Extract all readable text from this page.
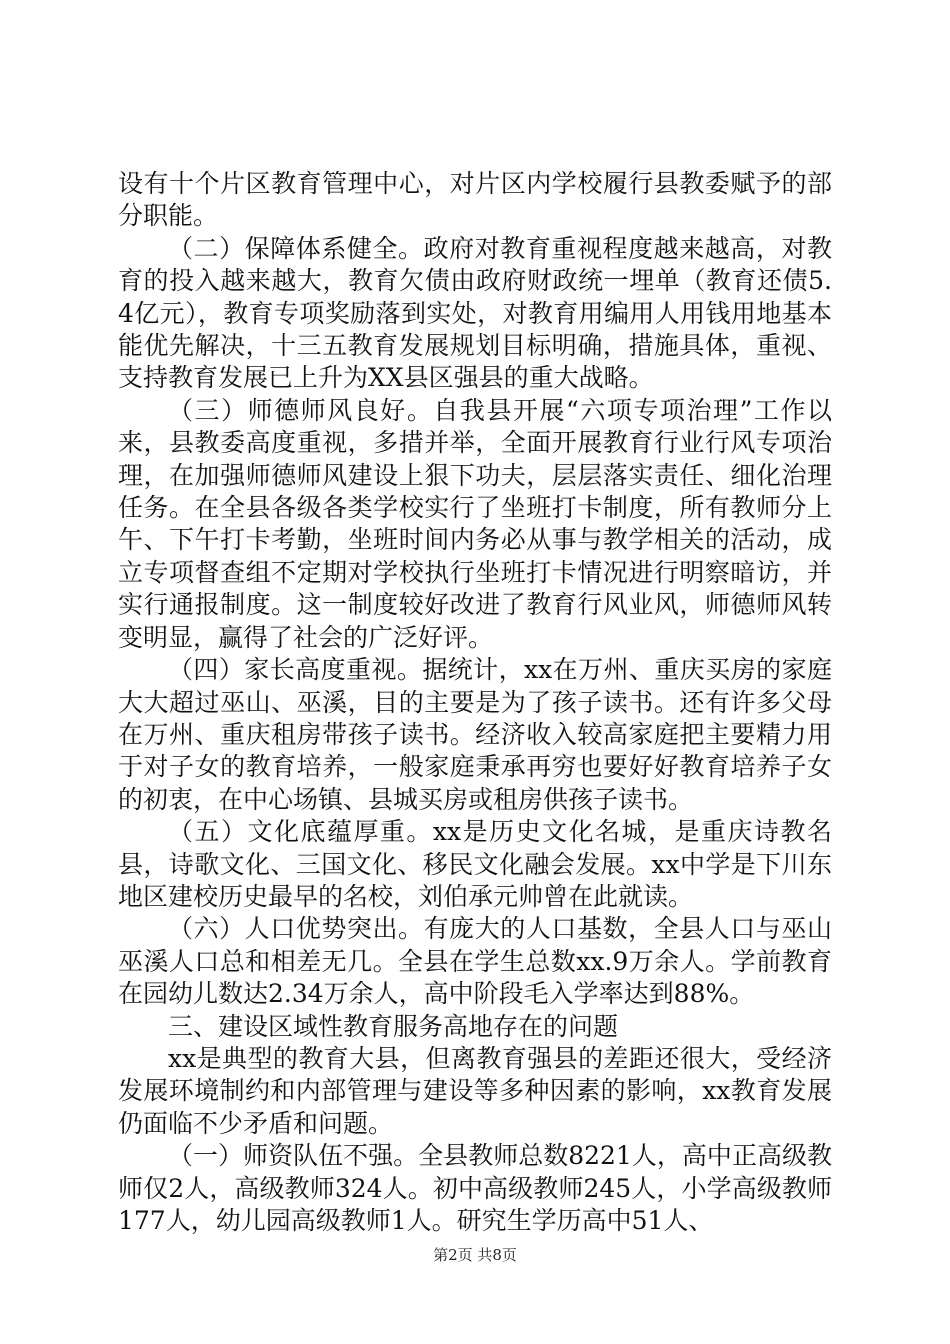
设有十个片区教育管理中心，对片区内学校履行县教委赋予的部分职能。

（二）保障体系健全。政府对教育重视程度越来越高，对教育的投入越来越大，教育欠债由政府财政统一埋单（教育还债5.4亿元），教育专项奖励落到实处，对教育用编用人用钱用地基本能优先解决，十三五教育发展规划目标明确，措施具体，重视、支持教育发展已上升为XX县区强县的重大战略。

（三）师德师风良好。自我县开展“六项专项治理”工作以来，县教委高度重视，多措并举，全面开展教育行业行风专项治理，在加强师德师风建设上狠下功夫，层层落实责任、细化治理任务。在全县各级各类学校实行了坐班打卡制度，所有教师分上午、下午打卡考勤，坐班时间内务必从事与教学相关的活动，成立专项督查组不定期对学校执行坐班打卡情况进行明察暗访，并实行通报制度。这一制度较好改进了教育行风业风，师德师风转变明显，赢得了社会的广泛好评。

（四）家长高度重视。据统计，xx在万州、重庆买房的家庭大大超过巫山、巫溪，目的主要是为了孩子读书。还有许多父母在万州、重庆租房带孩子读书。经济收入较高家庭把主要精力用于对子女的教育培养，一般家庭秉承再穷也要好好教育培养子女的初衷，在中心场镇、县城买房或租房供孩子读书。

（五）文化底蕴厚重。xx是历史文化名城，是重庆诗教名县，诗歌文化、三国文化、移民文化融会发展。xx中学是下川东地区建校历史最早的名校，刘伯承元帅曾在此就读。

（六）人口优势突出。有庞大的人口基数，全县人口与巫山巫溪人口总和相差无几。全县在学生总数xx.9万余人。学前教育在园幼儿数达2.34万余人，高中阶段毛入学率达到88%。

三、建设区域性教育服务高地存在的问题

xx是典型的教育大县，但离教育强县的差距还很大，受经济发展环境制约和内部管理与建设等多种因素的影响，xx教育发展仍面临不少矛盾和问题。

（一）师资队伍不强。全县教师总数8221人，高中正高级教师仅2人，高级教师324人。初中高级教师245人，小学高级教师177人，幼儿园高级教师1人。研究生学历高中51人、

第2页 共8页
